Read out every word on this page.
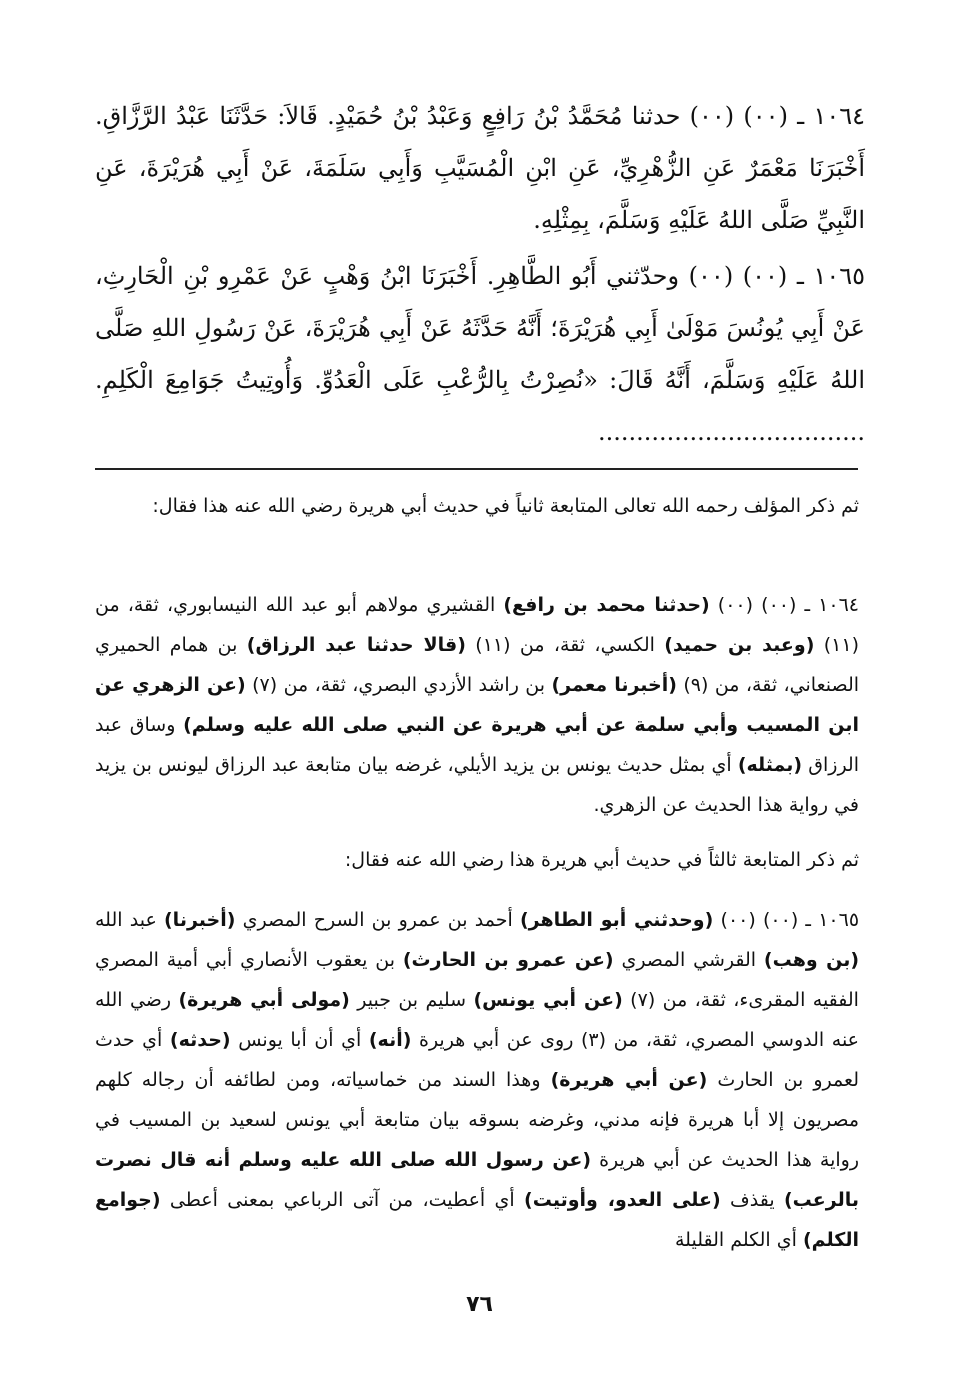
١٠٦٤ ـ (٠٠) (٠٠) حدثنا مُحَمَّدُ بْنُ رَافِعٍ وَعَبْدُ بْنُ حُمَيْدٍ. قَالاَ: حَدَّثَنَا عَبْدُ الرَّزَّاقِ. أَخْبَرَنَا مَعْمَرٌ عَنِ الزُّهْرِيِّ، عَنِ ابْنِ الْمُسَيَّبِ وَأَبِي سَلَمَةَ، عَنْ أَبِي هُرَيْرَةَ، عَنِ النَّبِيِّ صَلَّى اللهُ عَلَيْهِ وَسَلَّمَ، بِمِثْلِهِ.

١٠٦٥ ـ (٠٠) (٠٠) وحدّثني أَبُو الطَّاهِرِ. أَخْبَرَنَا ابْنُ وَهْبٍ عَنْ عَمْرِو بْنِ الْحَارِثِ، عَنْ أَبِي يُونُسَ مَوْلَىٰ أَبِي هُرَيْرَةَ؛ أَنَّهُ حَدَّثَهُ عَنْ أَبِي هُرَيْرَةَ، عَنْ رَسُولِ اللهِ صَلَّى اللهُ عَلَيْهِ وَسَلَّمَ، أَنَّهُ قَالَ: «نُصِرْتُ بِالرُّعْبِ عَلَى الْعَدُوِّ. وَأُوتِيتُ جَوَامِعَ الْكَلِمِ. ...................................

ثم ذكر المؤلف رحمه الله تعالى المتابعة ثانياً في حديث أبي هريرة رضي الله عنه هذا فقال:

١٠٦٤ ـ (٠٠) (٠٠) (حدثنا محمد بن رافع) القشيري مولاهم أبو عبد الله النيسابوري، ثقة، من (١١) (وعبد بن حميد) الكسي، ثقة، من (١١) (قالا حدثنا عبد الرزاق) بن همام الحميري الصنعاني، ثقة، من (٩) (أخبرنا معمر) بن راشد الأزدي البصري، ثقة، من (٧) (عن الزهري عن ابن المسيب وأبي سلمة عن أبي هريرة عن النبي صلى الله عليه وسلم) وساق عبد الرزاق (بمثله) أي بمثل حديث يونس بن يزيد الأيلي، غرضه بيان متابعة عبد الرزاق ليونس بن يزيد في رواية هذا الحديث عن الزهري.

ثم ذكر المتابعة ثالثاً في حديث أبي هريرة هذا رضي الله عنه فقال:

١٠٦٥ ـ (٠٠) (٠٠) (وحدثني أبو الطاهر) أحمد بن عمرو بن السرح المصري (أخبرنا) عبد الله (بن وهب) القرشي المصري (عن عمرو بن الحارث) بن يعقوب الأنصاري أبي أمية المصري الفقيه المقرىء، ثقة، من (٧) (عن أبي يونس) سليم بن جبير (مولى أبي هريرة) رضي الله عنه الدوسي المصري، ثقة، من (٣) روى عن أبي هريرة (أنه) أي أن أبا يونس (حدثه) أي حدث لعمرو بن الحارث (عن أبي هريرة) وهذا السند من خماسياته، ومن لطائفه أن رجاله كلهم مصريون إلا أبا هريرة فإنه مدني، وغرضه بسوقه بيان متابعة أبي يونس لسعيد بن المسيب في رواية هذا الحديث عن أبي هريرة (عن رسول الله صلى الله عليه وسلم أنه قال نصرت بالرعب) يقذف (على العدو، وأوتيت) أي أعطيت، من آتى الرباعي بمعنى أعطى (جوامع الكلم) أي الكلم القليلة

٧٦
